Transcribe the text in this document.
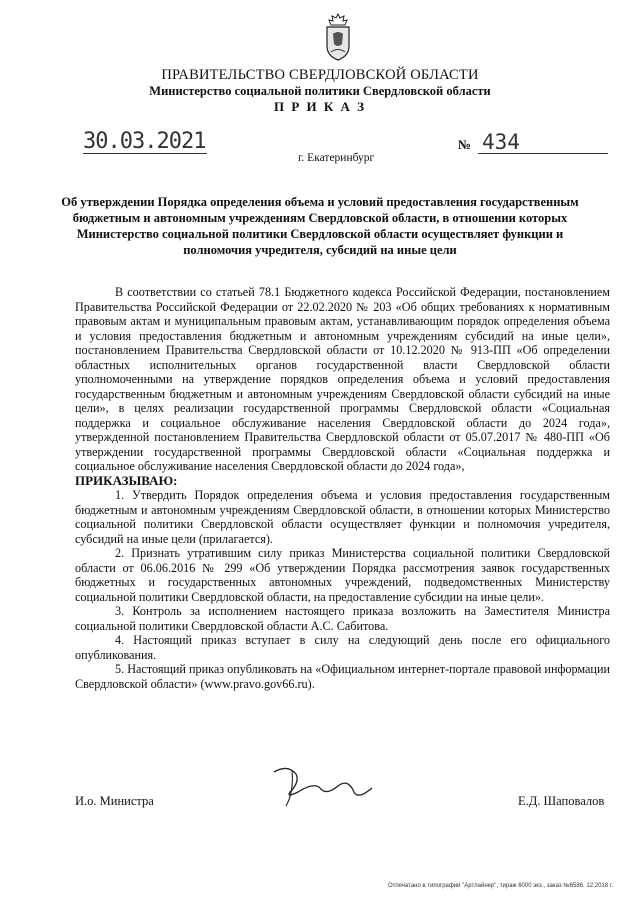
ПРАВИТЕЛЬСТВО СВЕРДЛОВСКОЙ ОБЛАСТИ
Министерство социальной политики Свердловской области
П Р И К А З
30.03.2021	№ 434
г. Екатеринбург
Об утверждении Порядка определения объема и условий предоставления государственным бюджетным и автономным учреждениям Свердловской области, в отношении которых Министерство социальной политики Свердловской области осуществляет функции и полномочия учредителя, субсидий на иные цели

В соответствии со статьей 78.1 Бюджетного кодекса Российской Федерации, постановлением Правительства Российской Федерации от 22.02.2020 № 203 «Об общих требованиях к нормативным правовым актам и муниципальным правовым актам, устанавливающим порядок определения объема и условия предоставления бюджетным и автономным учреждениям субсидий на иные цели», постановлением Правительства Свердловской области от 10.12.2020 № 913-ПП «Об определении областных исполнительных органов государственной власти Свердловской области уполномоченными на утверждение порядков определения объема и условий предоставления государственным бюджетным и автономным учреждениям Свердловской области субсидий на иные цели», в целях реализации государственной программы Свердловской области «Социальная поддержка и социальное обслуживание населения Свердловской области до 2024 года», утвержденной постановлением Правительства Свердловской области от 05.07.2017 № 480-ПП «Об утверждении государственной программы Свердловской области «Социальная поддержка и социальное обслуживание населения Свердловской области до 2024 года»,

ПРИКАЗЫВАЮ:

1. Утвердить Порядок определения объема и условия предоставления государственным бюджетным и автономным учреждениям Свердловской области, в отношении которых Министерство социальной политики Свердловской области осуществляет функции и полномочия учредителя, субсидий на иные цели (прилагается).

2. Признать утратившим силу приказ Министерства социальной политики Свердловской области от 06.06.2016 № 299 «Об утверждении Порядка рассмотрения заявок государственных бюджетных и государственных автономных учреждений, подведомственных Министерству социальной политики Свердловской области, на предоставление субсидии на иные цели».

3. Контроль за исполнением настоящего приказа возложить на Заместителя Министра социальной политики Свердловской области А.С. Сабитова.

4. Настоящий приказ вступает в силу на следующий день после его официального опубликования.

5. Настоящий приказ опубликовать на «Официальном интернет-портале правовой информации Свердловской области» (www.pravo.gov66.ru).

И.о. Министра	Е.Д. Шаповалов
Отпечатано в типографии "Артлайнер", тираж 6000 экз., заказ №6586. 12.2018 г.
